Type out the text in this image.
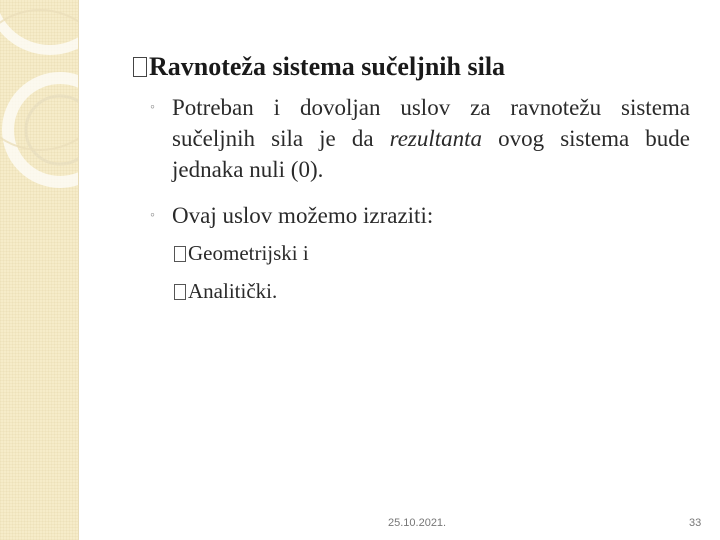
Ravnoteža sistema sučeljnih sila
◦ Potreban i dovoljan uslov za ravnotežu sistema sučeljnih sila je da rezultanta ovog sistema bude jednaka nuli (0).
◦ Ovaj uslov možemo izraziti:
Geometrijski i
Analitički.
25.10.2021.	33
